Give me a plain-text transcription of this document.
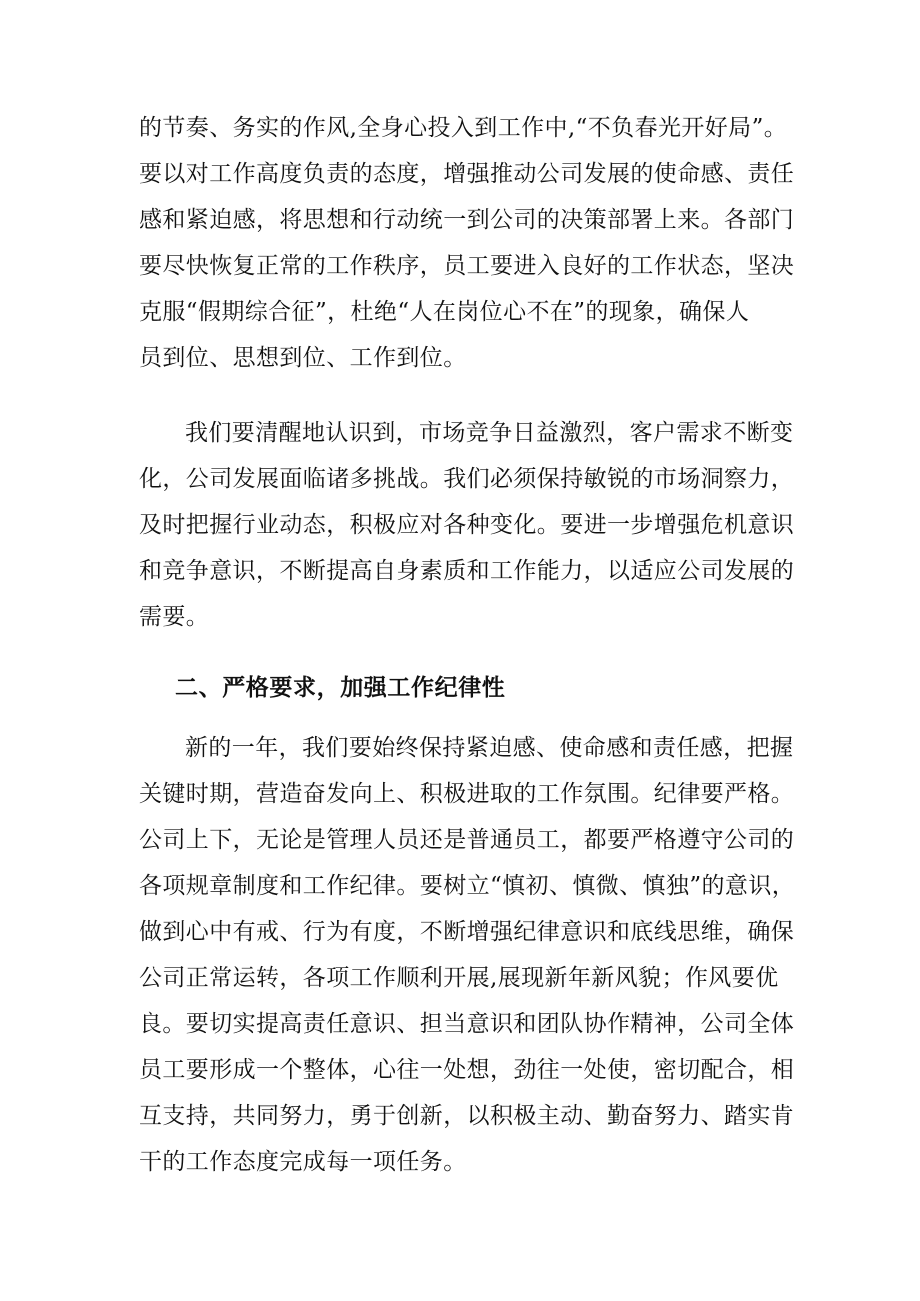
的节奏、务实的作风,全身心投入到工作中,“不负春光开好局”。
要以对工作高度负责的态度，增强推动公司发展的使命感、责任
感和紧迫感，将思想和行动统一到公司的决策部署上来。各部门
要尽快恢复正常的工作秩序，员工要进入良好的工作状态，坚决
克服“假期综合征”，杜绝“人在岗位心不在”的现象，确保人
员到位、思想到位、工作到位。
我们要清醒地认识到，市场竞争日益激烈，客户需求不断变
化，公司发展面临诸多挑战。我们必须保持敏锐的市场洞察力，
及时把握行业动态，积极应对各种变化。要进一步增强危机意识
和竞争意识，不断提高自身素质和工作能力，以适应公司发展的
需要。
二、严格要求，加强工作纪律性
新的一年，我们要始终保持紧迫感、使命感和责任感，把握
关键时期，营造奋发向上、积极进取的工作氛围。纪律要严格。
公司上下，无论是管理人员还是普通员工，都要严格遵守公司的
各项规章制度和工作纪律。要树立“慎初、慎微、慎独”的意识，
做到心中有戒、行为有度，不断增强纪律意识和底线思维，确保
公司正常运转，各项工作顺利开展,展现新年新风貌；作风要优
良。要切实提高责任意识、担当意识和团队协作精神，公司全体
员工要形成一个整体，心往一处想，劲往一处使，密切配合，相
互支持，共同努力，勇于创新，以积极主动、勤奋努力、踏实肯
干的工作态度完成每一项任务。
